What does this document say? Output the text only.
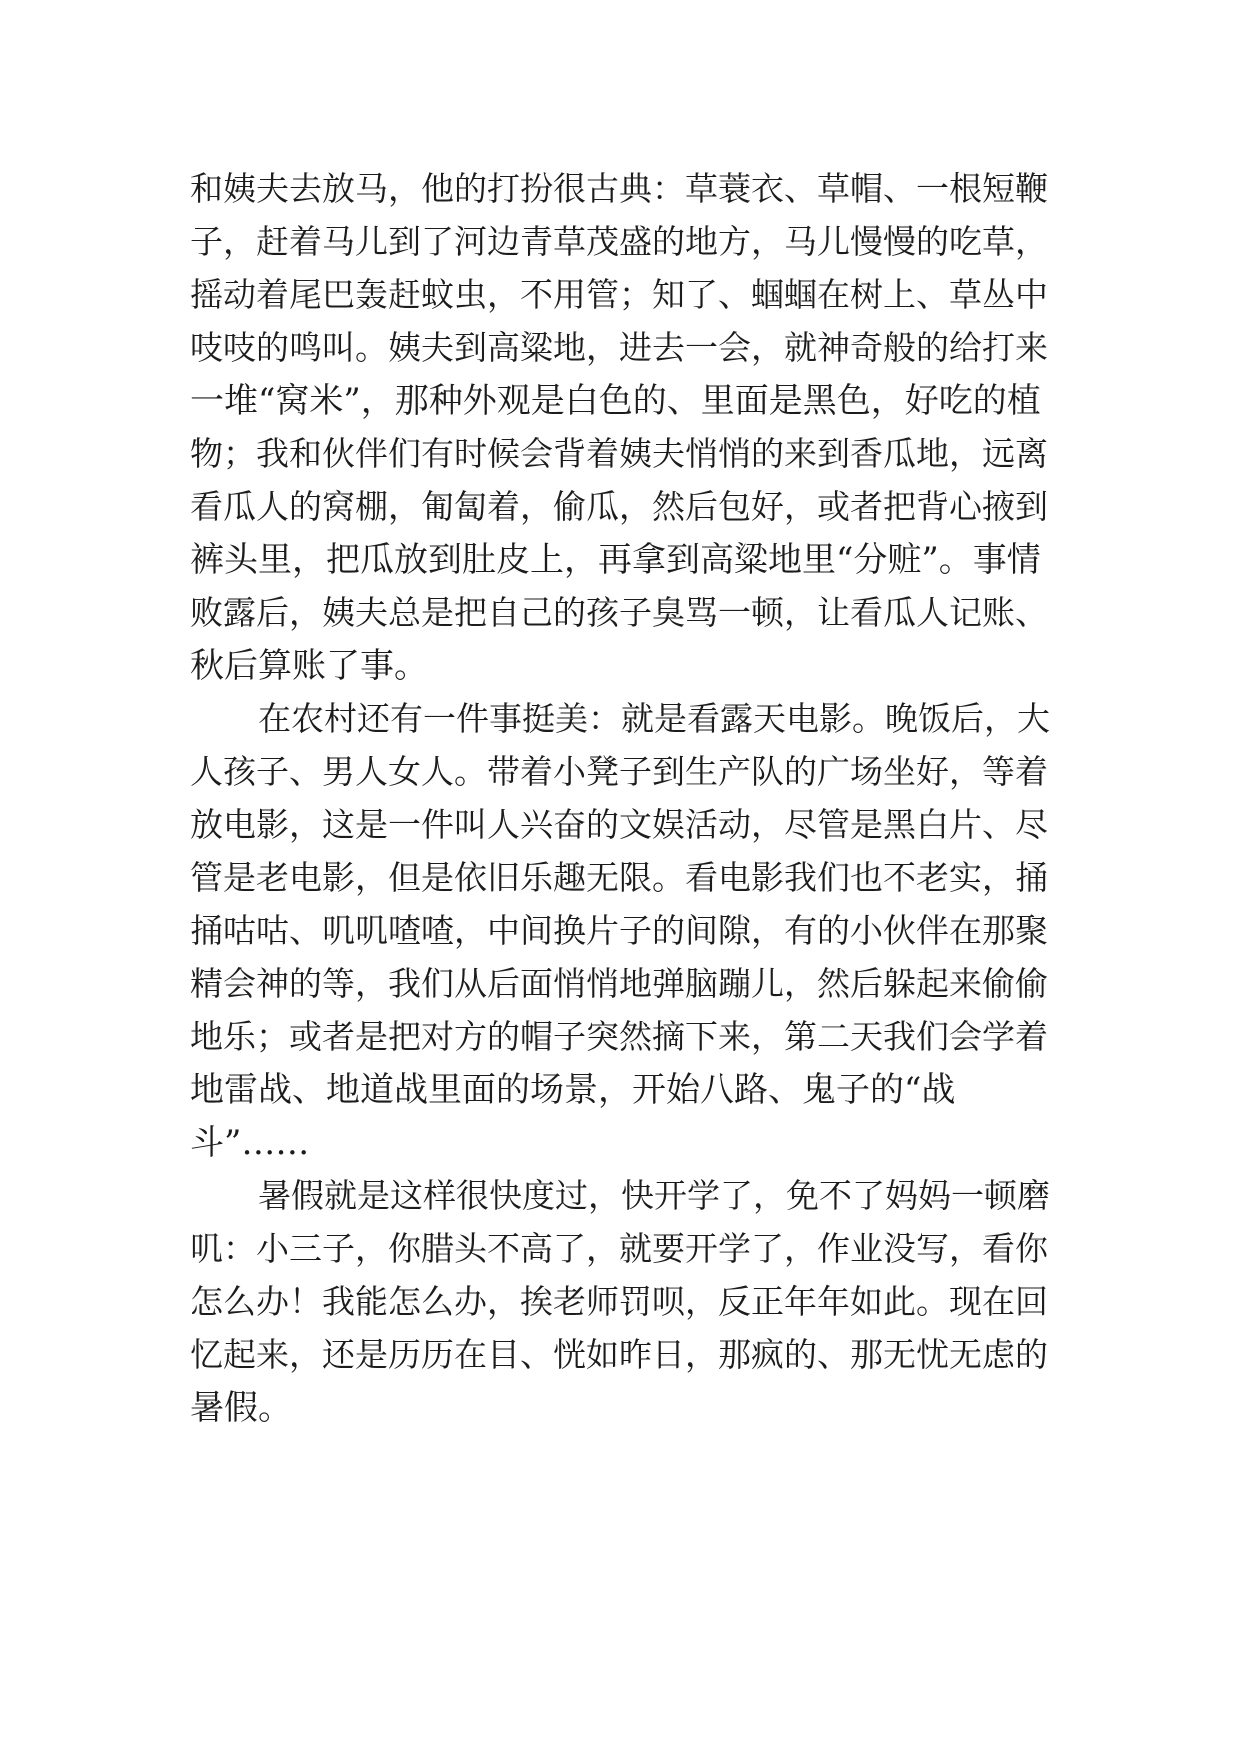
和姨夫去放马，他的打扮很古典：草蓑衣、草帽、一根短鞭
子，赶着马儿到了河边青草茂盛的地方，马儿慢慢的吃草，
摇动着尾巴轰赶蚊虫，不用管；知了、蝈蝈在树上、草丛中
吱吱的鸣叫。姨夫到高粱地，进去一会，就神奇般的给打来
一堆“窝米”，那种外观是白色的、里面是黑色，好吃的植
物；我和伙伴们有时候会背着姨夫悄悄的来到香瓜地，远离
看瓜人的窝棚，匍匐着，偷瓜，然后包好，或者把背心掖到
裤头里，把瓜放到肚皮上，再拿到高粱地里“分赃”。事情
败露后，姨夫总是把自己的孩子臭骂一顿，让看瓜人记账、
秋后算账了事。
在农村还有一件事挺美：就是看露天电影。晚饭后，大
人孩子、男人女人。带着小凳子到生产队的广场坐好，等着
放电影，这是一件叫人兴奋的文娱活动，尽管是黑白片、尽
管是老电影，但是依旧乐趣无限。看电影我们也不老实，捅
捅咕咕、叽叽喳喳，中间换片子的间隙，有的小伙伴在那聚
精会神的等，我们从后面悄悄地弹脑蹦儿，然后躲起来偷偷
地乐；或者是把对方的帽子突然摘下来，第二天我们会学着
地雷战、地道战里面的场景，开始八路、鬼子的“战
斗”……
暑假就是这样很快度过，快开学了，免不了妈妈一顿磨
叽：小三子，你腊头不高了，就要开学了，作业没写，看你
怎么办！我能怎么办，挨老师罚呗，反正年年如此。现在回
忆起来，还是历历在目、恍如昨日，那疯的、那无忧无虑的
暑假。
